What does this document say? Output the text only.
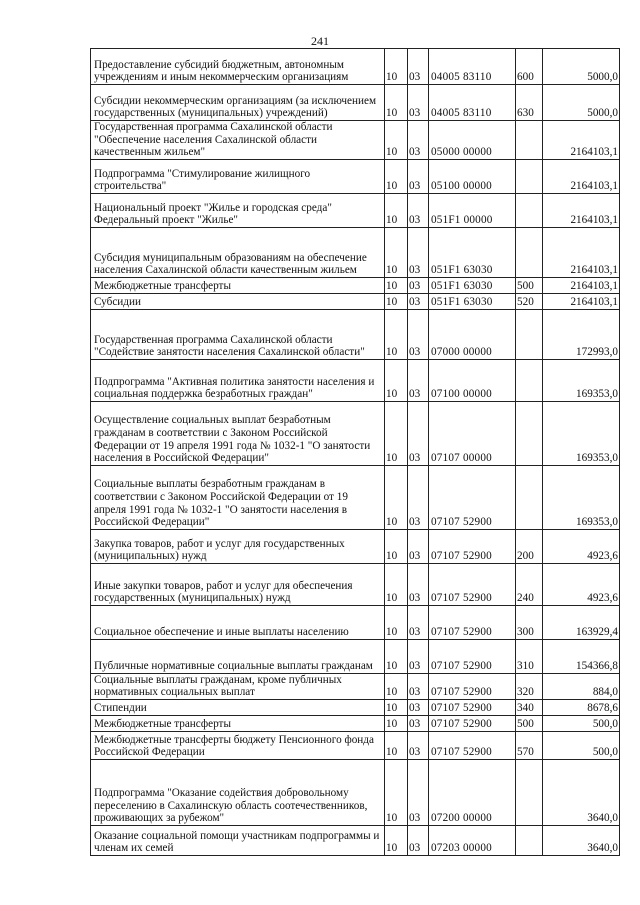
241
Предоставление субсидий бюджетным, автономным учреждениям и иным некоммерческим организациям	10	03	04005 83110	600	5000,0
Субсидии некоммерческим организациям (за исключением государственных (муниципальных) учреждений)	10	03	04005 83110	630	5000,0
Государственная программа Сахалинской области "Обеспечение населения Сахалинской области качественным жильем"	10	03	05000 00000		2164103,1
Подпрограмма "Стимулирование жилищного строительства"	10	03	05100 00000		2164103,1
Национальный проект "Жилье и городская среда" Федеральный проект "Жилье"	10	03	051F1 00000		2164103,1
Субсидия муниципальным образованиям на обеспечение населения Сахалинской области качественным жильем	10	03	051F1 63030		2164103,1
Межбюджетные трансферты	10	03	051F1 63030	500	2164103,1
Субсидии	10	03	051F1 63030	520	2164103,1
Государственная программа Сахалинской области "Содействие занятости населения Сахалинской области"	10	03	07000 00000		172993,0
Подпрограмма "Активная политика занятости населения и социальная поддержка безработных граждан"	10	03	07100 00000		169353,0
Осуществление социальных выплат безработным гражданам в соответствии с Законом Российской Федерации от 19 апреля 1991 года № 1032-1 "О занятости населения в Российской Федерации"	10	03	07107 00000		169353,0
Социальные выплаты безработным гражданам в соответствии с Законом Российской Федерации от 19 апреля 1991 года № 1032-1 "О занятости населения в Российской Федерации"	10	03	07107 52900		169353,0
Закупка товаров, работ и услуг для государственных (муниципальных) нужд	10	03	07107 52900	200	4923,6
Иные закупки товаров, работ и услуг для обеспечения государственных (муниципальных) нужд	10	03	07107 52900	240	4923,6
Социальное обеспечение и иные выплаты населению	10	03	07107 52900	300	163929,4
Публичные нормативные социальные выплаты гражданам	10	03	07107 52900	310	154366,8
Социальные выплаты гражданам, кроме публичных нормативных социальных выплат	10	03	07107 52900	320	884,0
Стипендии	10	03	07107 52900	340	8678,6
Межбюджетные трансферты	10	03	07107 52900	500	500,0
Межбюджетные трансферты бюджету Пенсионного фонда Российской Федерации	10	03	07107 52900	570	500,0
Подпрограмма "Оказание содействия добровольному переселению в Сахалинскую область соотечественников, проживающих за рубежом"	10	03	07200 00000		3640,0
Оказание социальной помощи участникам подпрограммы и членам их семей	10	03	07203 00000		3640,0
